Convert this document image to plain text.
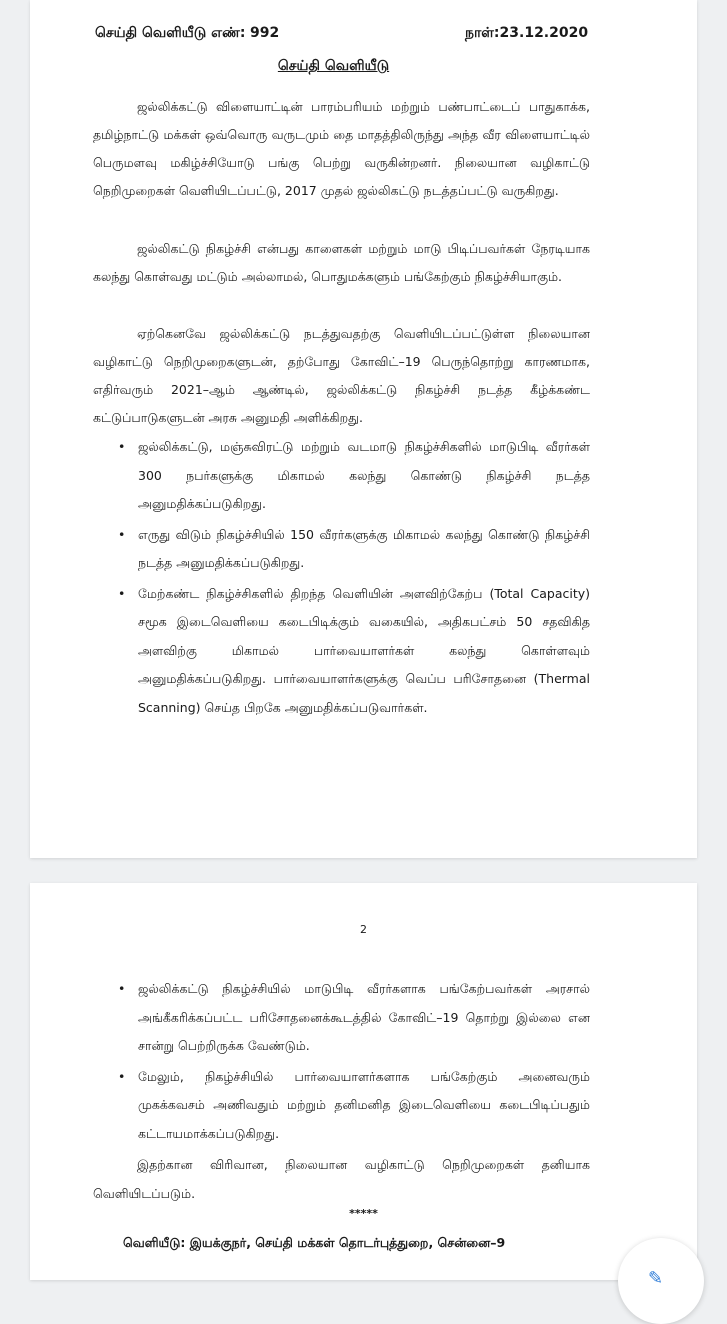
செய்தி வெளியீடு எண்: 992	நாள்:23.12.2020
செய்தி வெளியீடு

ஜல்லிக்கட்டு விளையாட்டின் பாரம்பரியம் மற்றும் பண்பாட்டைப் பாதுகாக்க, தமிழ்நாட்டு மக்கள் ஒவ்வொரு வருடமும் தை மாதத்திலிருந்து அந்த வீர விளையாட்டில் பெருமளவு மகிழ்ச்சியோடு பங்கு பெற்று வருகின்றனர். நிலையான வழிகாட்டு நெறிமுறைகள் வெளியிடப்பட்டு, 2017 முதல் ஜல்லிகட்டு நடத்தப்பட்டு வருகிறது.

ஜல்லிகட்டு நிகழ்ச்சி என்பது காளைகள் மற்றும் மாடு பிடிப்பவர்கள் நேரடியாக கலந்து கொள்வது மட்டும் அல்லாமல், பொதுமக்களும் பங்கேற்கும் நிகழ்ச்சியாகும்.

ஏற்கெனவே ஜல்லிக்கட்டு நடத்துவதற்கு வெளியிடப்பட்டுள்ள நிலையான வழிகாட்டு நெறிமுறைகளுடன், தற்போது கோவிட்–19 பெருந்தொற்று காரணமாக, எதிர்வரும் 2021–ஆம் ஆண்டில், ஜல்லிக்கட்டு நிகழ்ச்சி நடத்த கீழ்க்கண்ட கட்டுப்பாடுகளுடன் அரசு அனுமதி அளிக்கிறது.

• ஜல்லிக்கட்டு, மஞ்சுவிரட்டு மற்றும் வடமாடு நிகழ்ச்சிகளில் மாடுபிடி வீரர்கள் 300 நபர்களுக்கு மிகாமல் கலந்து கொண்டு நிகழ்ச்சி நடத்த அனுமதிக்கப்படுகிறது.
• எருது விடும் நிகழ்ச்சியில் 150 வீரர்களுக்கு மிகாமல் கலந்து கொண்டு நிகழ்ச்சி நடத்த அனுமதிக்கப்படுகிறது.
• மேற்கண்ட நிகழ்ச்சிகளில் திறந்த வெளியின் அளவிற்கேற்ப (Total Capacity) சமூக இடைவெளியை கடைபிடிக்கும் வகையில், அதிகபட்சம் 50 சதவிகித அளவிற்கு மிகாமல் பார்வையாளர்கள் கலந்து கொள்ளவும் அனுமதிக்கப்படுகிறது. பார்வையாளர்களுக்கு வெப்ப பரிசோதனை (Thermal Scanning) செய்த பிறகே அனுமதிக்கப்படுவார்கள்.
2
• ஜல்லிக்கட்டு நிகழ்ச்சியில் மாடுபிடி வீரர்களாக பங்கேற்பவர்கள் அரசால் அங்கீகரிக்கப்பட்ட பரிசோதனைக்கூடத்தில் கோவிட்–19 தொற்று இல்லை என சான்று பெற்றிருக்க வேண்டும்.
• மேலும், நிகழ்ச்சியில் பார்வையாளர்களாக பங்கேற்கும் அனைவரும் முகக்கவசம் அணிவதும் மற்றும் தனிமனித இடைவெளியை கடைபிடிப்பதும் கட்டாயமாக்கப்படுகிறது.

இதற்கான விரிவான, நிலையான வழிகாட்டு நெறிமுறைகள் தனியாக வெளியிடப்படும்.

*****
வெளியீடு: இயக்குநர், செய்தி மக்கள் தொடர்புத்துறை, சென்னை–9
✎
